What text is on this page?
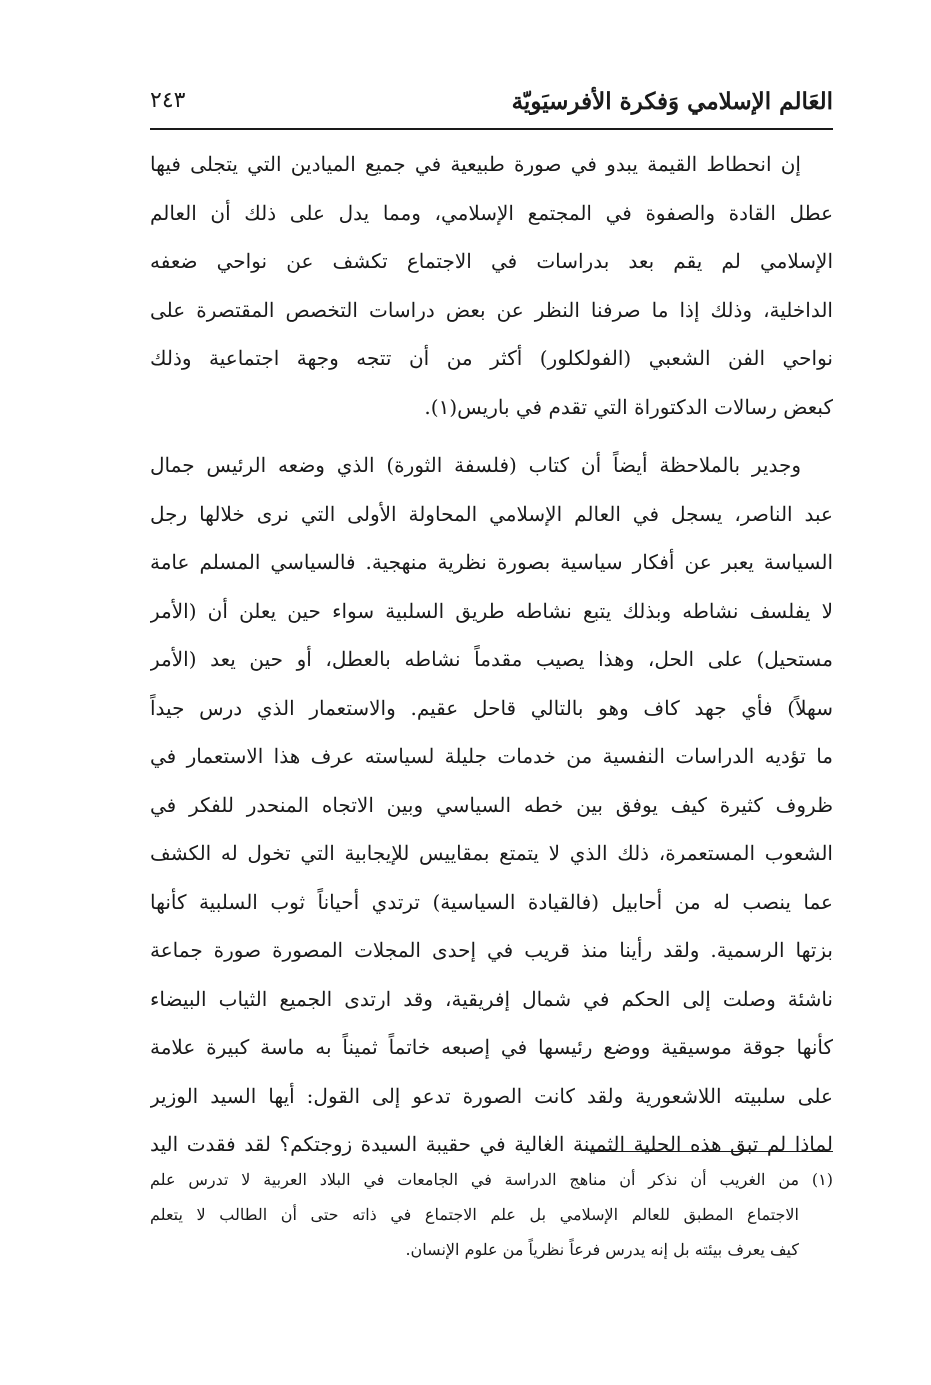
العَالم الإسلامي وَفكرة الأفرسيَويّة
٢٤٣
إن انحطاط القيمة يبدو في صورة طبيعية في جميع الميادين التي يتجلى فيها
عطل القادة والصفوة في المجتمع الإسلامي، ومما يدل على ذلك أن العالم
الإسلامي لم يقم بعد بدراسات في الاجتماع تكشف عن نواحي ضعفه
الداخلية، وذلك إذا ما صرفنا النظر عن بعض دراسات التخصص المقتصرة على
نواحي الفن الشعبي (الفولكلور) أكثر من أن تتجه وجهة اجتماعية وذلك
كبعض رسالات الدكتوراة التي تقدم في باريس(١).
وجدير بالملاحظة أيضاً أن كتاب (فلسفة الثورة) الذي وضعه الرئيس جمال
عبد الناصر، يسجل في العالم الإسلامي المحاولة الأولى التي نرى خلالها رجل
السياسة يعبر عن أفكار سياسية بصورة نظرية منهجية. فالسياسي المسلم عامة
لا يفلسف نشاطه وبذلك يتبع نشاطه طريق السلبية سواء حين يعلن أن (الأمر
مستحيل) على الحل، وهذا يصيب مقدماً نشاطه بالعطل، أو حين يعد (الأمر
سهلاً) فأي جهد كاف وهو بالتالي قاحل عقيم. والاستعمار الذي درس جيداً
ما تؤديه الدراسات النفسية من خدمات جليلة لسياسته عرف هذا الاستعمار في
ظروف كثيرة كيف يوفق بين خطه السياسي وبين الاتجاه المنحدر للفكر في
الشعوب المستعمرة، ذلك الذي لا يتمتع بمقاييس للإيجابية التي تخول له الكشف
عما ينصب له من أحابيل (فالقيادة السياسية) ترتدي أحياناً ثوب السلبية كأنها
بزتها الرسمية. ولقد رأينا منذ قريب في إحدى المجلات المصورة صورة جماعة
ناشئة وصلت إلى الحكم في شمال إفريقية، وقد ارتدى الجميع الثياب البيضاء
كأنها جوقة موسيقية ووضع رئيسها في إصبعه خاتماً ثميناً به ماسة كبيرة علامة
على سلبيته اللاشعورية ولقد كانت الصورة تدعو إلى القول: أيها السيد الوزير
لماذا لم تبق هذه الحلية الثمينة الغالية في حقيبة السيدة زوجتكم؟ لقد فقدت اليد
(١) من الغريب أن نذكر أن مناهج الدراسة في الجامعات في البلاد العربية لا تدرس علم
الاجتماع المطبق للعالم الإسلامي بل علم الاجتماع في ذاته حتى أن الطالب لا يتعلم
كيف يعرف بيئته بل إنه يدرس فرعاً نظرياً من علوم الإنسان.
